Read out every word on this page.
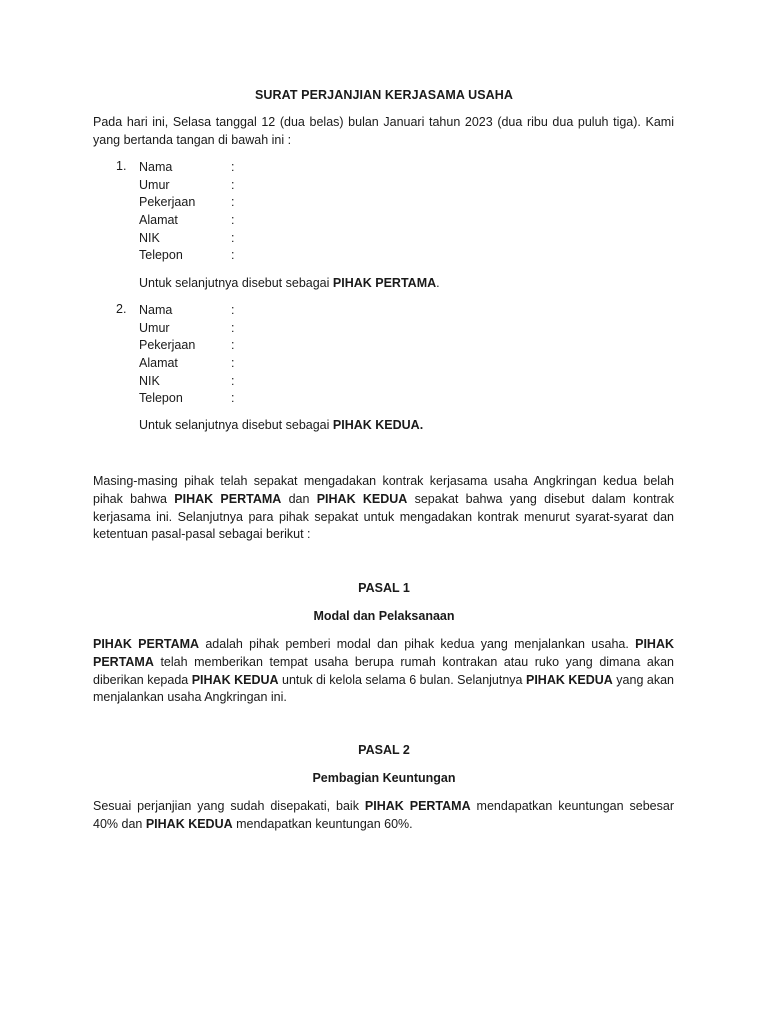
SURAT PERJANJIAN KERJASAMA USAHA

Pada hari ini, Selasa tanggal 12 (dua belas) bulan Januari tahun 2023 (dua ribu dua puluh tiga). Kami yang bertanda tangan di bawah ini :

1. Nama	:
Umur	:
Pekerjaan	:
Alamat	:
NIK	:
Telepon	:
Untuk selanjutnya disebut sebagai PIHAK PERTAMA.
2. Nama	:
Umur	:
Pekerjaan	:
Alamat	:
NIK	:
Telepon	:
Untuk selanjutnya disebut sebagai PIHAK KEDUA.

Masing-masing pihak telah sepakat mengadakan kontrak kerjasama usaha Angkringan kedua belah pihak bahwa PIHAK PERTAMA dan PIHAK KEDUA sepakat bahwa yang disebut dalam kontrak kerjasama ini. Selanjutnya para pihak sepakat untuk mengadakan kontrak menurut syarat-syarat dan ketentuan pasal-pasal sebagai berikut :

PASAL 1
Modal dan Pelaksanaan

PIHAK PERTAMA adalah pihak pemberi modal dan pihak kedua yang menjalankan usaha. PIHAK PERTAMA telah memberikan tempat usaha berupa rumah kontrakan atau ruko yang dimana akan diberikan kepada PIHAK KEDUA untuk di kelola selama 6 bulan. Selanjutnya PIHAK KEDUA yang akan menjalankan usaha Angkringan ini.

PASAL 2
Pembagian Keuntungan

Sesuai perjanjian yang sudah disepakati, baik PIHAK PERTAMA mendapatkan keuntungan sebesar 40% dan PIHAK KEDUA mendapatkan keuntungan 60%.
